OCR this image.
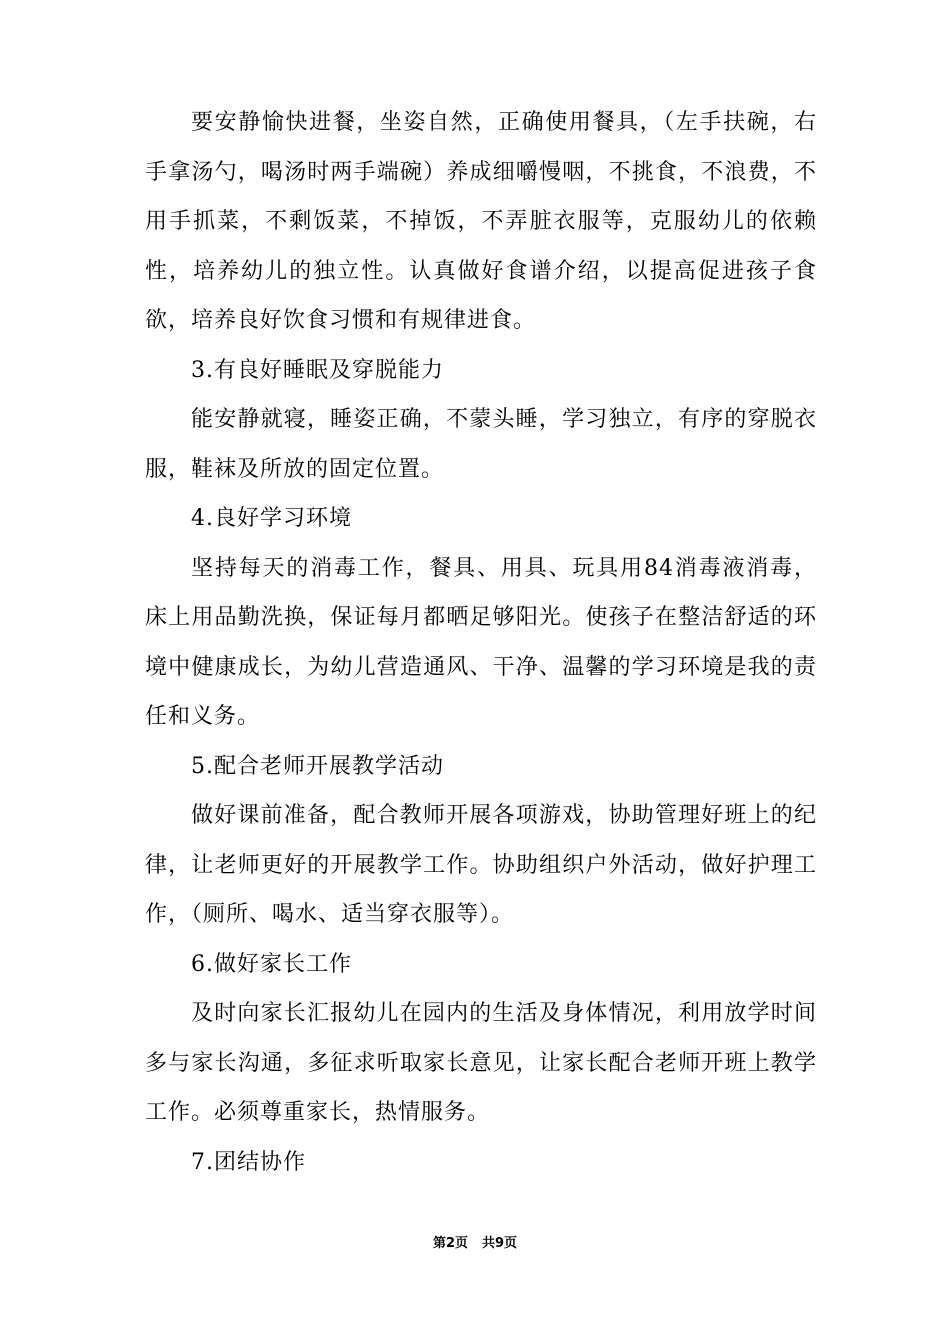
要安静愉快进餐，坐姿自然，正确使用餐具，（左手扶碗，右手拿汤勺，喝汤时两手端碗）养成细嚼慢咽，不挑食，不浪费，不用手抓菜，不剩饭菜，不掉饭，不弄脏衣服等，克服幼儿的依赖性，培养幼儿的独立性。认真做好食谱介绍，以提高促进孩子食欲，培养良好饮食习惯和有规律进食。

3.有良好睡眠及穿脱能力

能安静就寝，睡姿正确，不蒙头睡，学习独立，有序的穿脱衣服，鞋袜及所放的固定位置。

4.良好学习环境

坚持每天的消毒工作，餐具、用具、玩具用84消毒液消毒，床上用品勤洗换，保证每月都晒足够阳光。使孩子在整洁舒适的环境中健康成长，为幼儿营造通风、干净、温馨的学习环境是我的责任和义务。

5.配合老师开展教学活动

做好课前准备，配合教师开展各项游戏，协助管理好班上的纪律，让老师更好的开展教学工作。协助组织户外活动，做好护理工作，（厕所、喝水、适当穿衣服等）。

6.做好家长工作

及时向家长汇报幼儿在园内的生活及身体情况，利用放学时间多与家长沟通，多征求听取家长意见，让家长配合老师开班上教学工作。必须尊重家长，热情服务。

7.团结协作

第2页 共9页
